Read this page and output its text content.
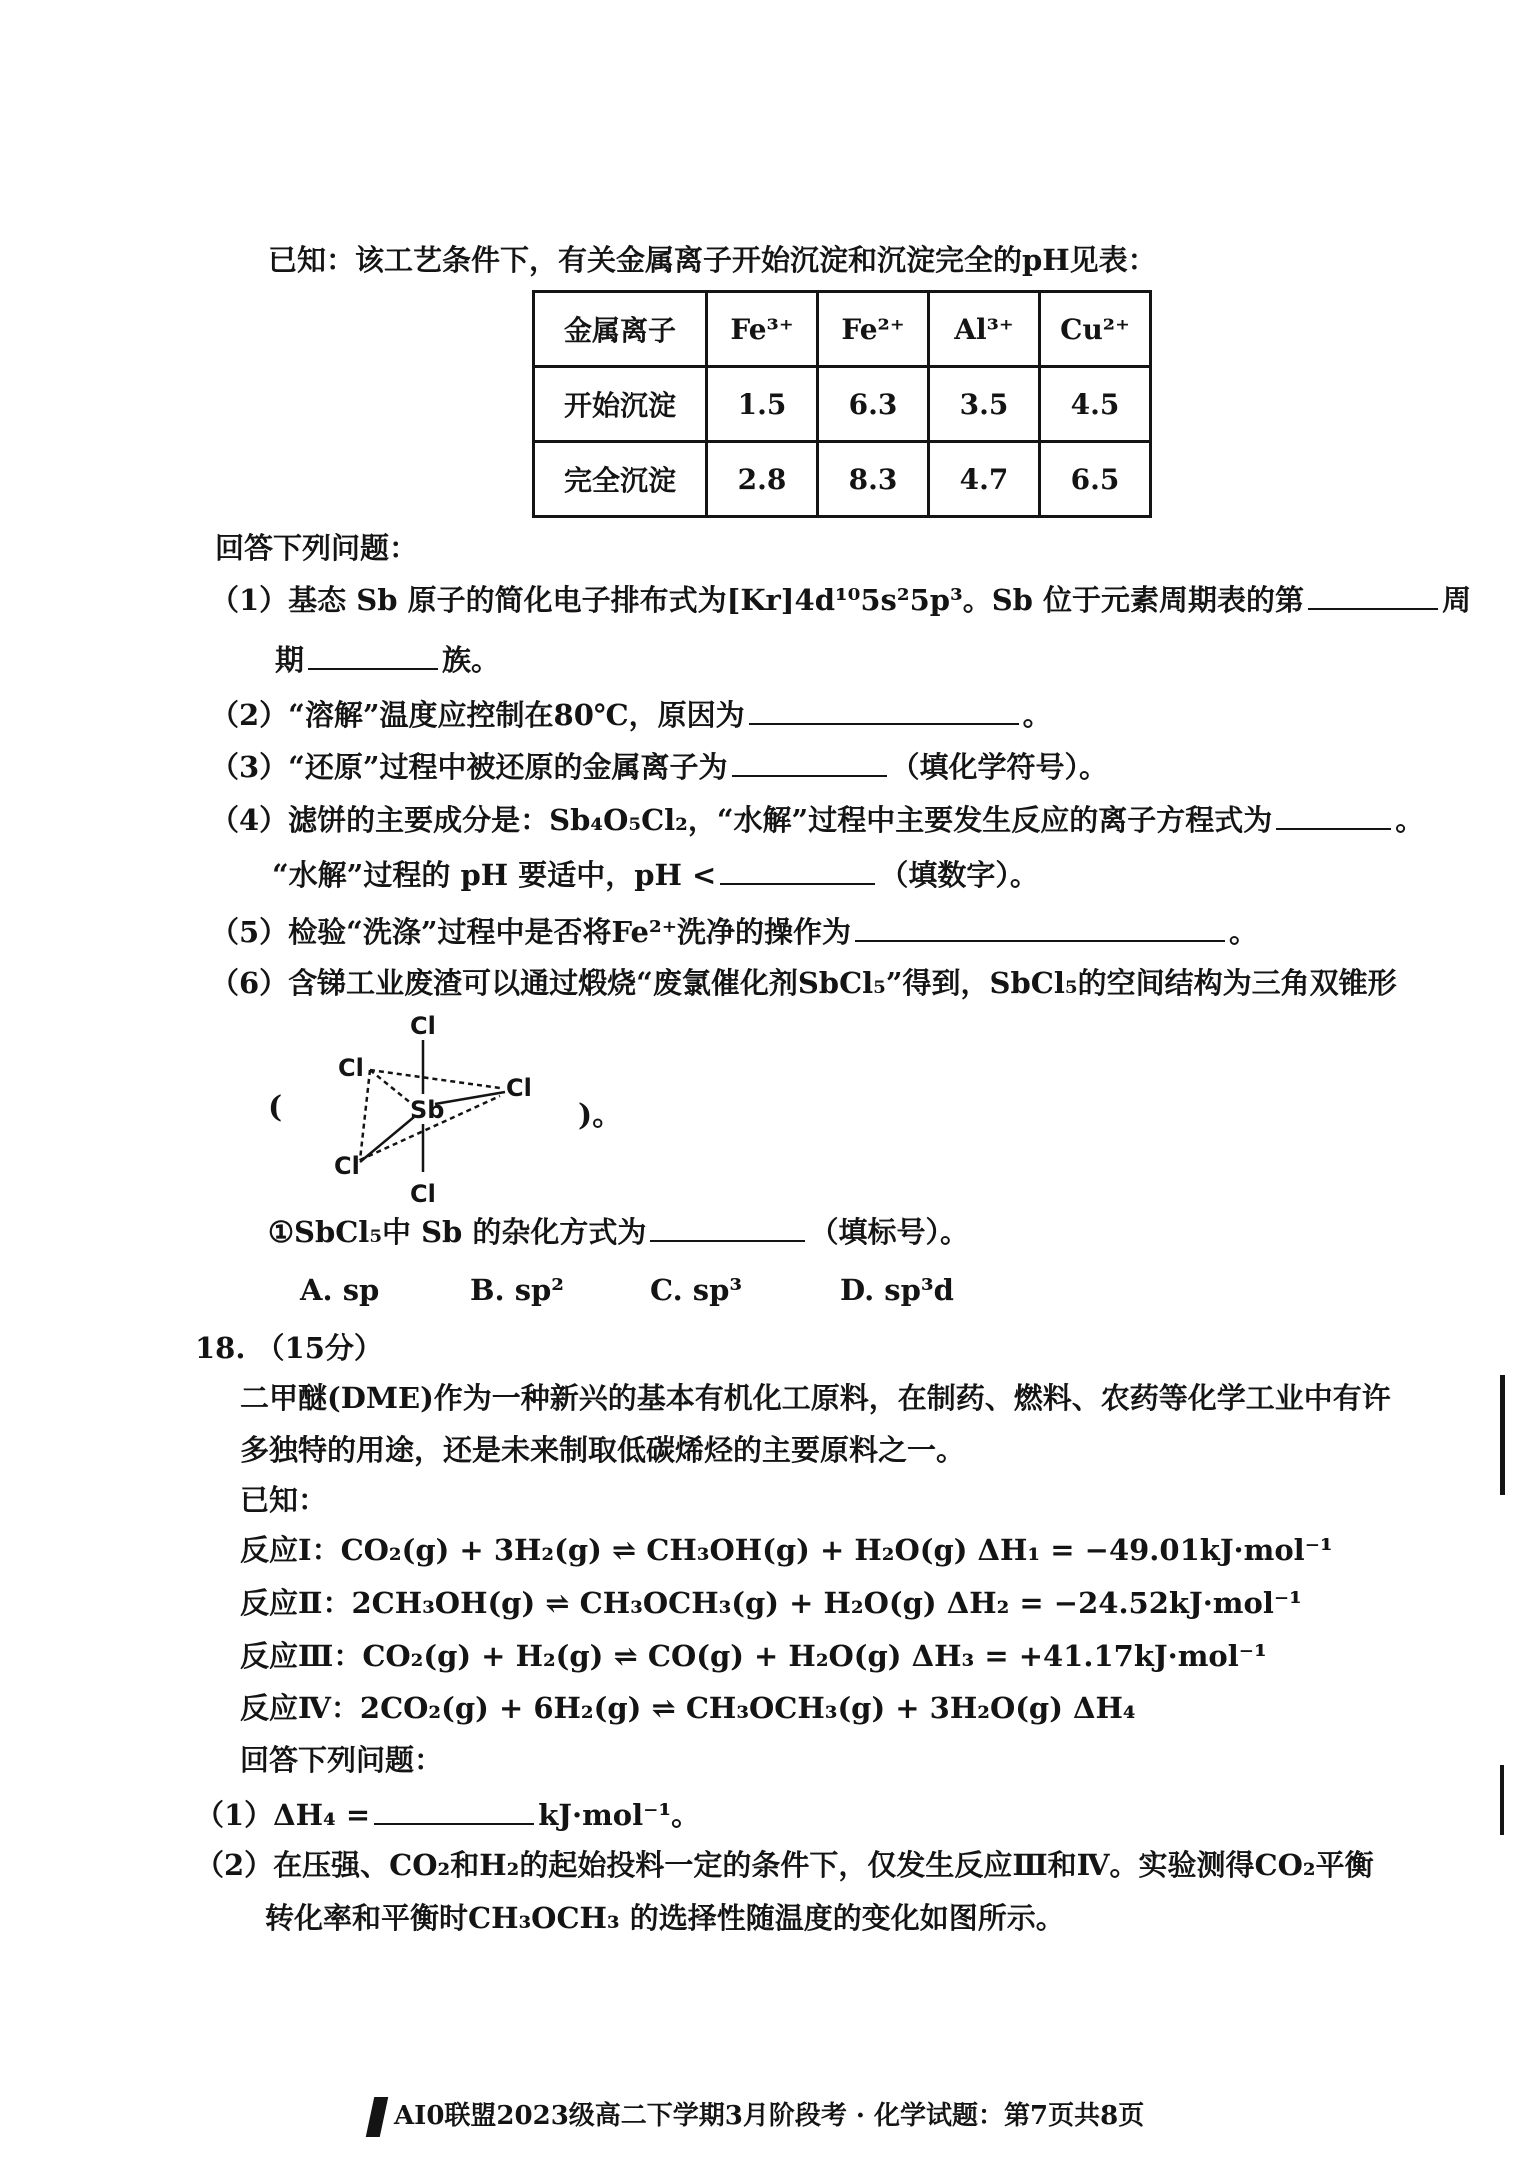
已知：该工艺条件下，有关金属离子开始沉淀和沉淀完全的pH见表：
金属离子	Fe³⁺	Fe²⁺	Al³⁺	Cu²⁺
开始沉淀	1.5	6.3	3.5	4.5
完全沉淀	2.8	8.3	4.7	6.5
回答下列问题：
（1）基态 Sb 原子的简化电子排布式为[Kr]4d¹⁰5s²5p³。Sb 位于元素周期表的第	周
期	族。
（2）“溶解”温度应控制在80℃，原因为	。
（3）“还原”过程中被还原的金属离子为	（填化学符号）。
（4）滤饼的主要成分是：Sb₄O₅Cl₂，“水解”过程中主要发生反应的离子方程式为	。
“水解”过程的 pH 要适中，pH <	（填数字）。
（5）检验“洗涤”过程中是否将Fe²⁺洗净的操作为	。
（6）含锑工业废渣可以通过煅烧“废氯催化剂SbCl₅”得到，SbCl₅的空间结构为三角双锥形
(
Cl
Cl
Cl
Sb
Cl
Cl
)。
①SbCl₅中 Sb 的杂化方式为	（填标号）。
A. sp	B. sp²	C. sp³	D. sp³d
18. （15分）
二甲醚(DME)作为一种新兴的基本有机化工原料，在制药、燃料、农药等化学工业中有许
多独特的用途，还是未来制取低碳烯烃的主要原料之一。
已知：
反应Ⅰ：CO₂(g) + 3H₂(g) ⇌ CH₃OH(g) + H₂O(g) ΔH₁ = −49.01kJ·mol⁻¹
反应Ⅱ：2CH₃OH(g) ⇌ CH₃OCH₃(g) + H₂O(g) ΔH₂ = −24.52kJ·mol⁻¹
反应Ⅲ：CO₂(g) + H₂(g) ⇌ CO(g) + H₂O(g) ΔH₃ = +41.17kJ·mol⁻¹
反应Ⅳ：2CO₂(g) + 6H₂(g) ⇌ CH₃OCH₃(g) + 3H₂O(g) ΔH₄
回答下列问题：
（1）ΔH₄ =	kJ·mol⁻¹。
（2）在压强、CO₂和H₂的起始投料一定的条件下，仅发生反应Ⅲ和Ⅳ。实验测得CO₂平衡
转化率和平衡时CH₃OCH₃ 的选择性随温度的变化如图所示。
AI0联盟2023级高二下学期3月阶段考 · 化学试题：第7页共8页
